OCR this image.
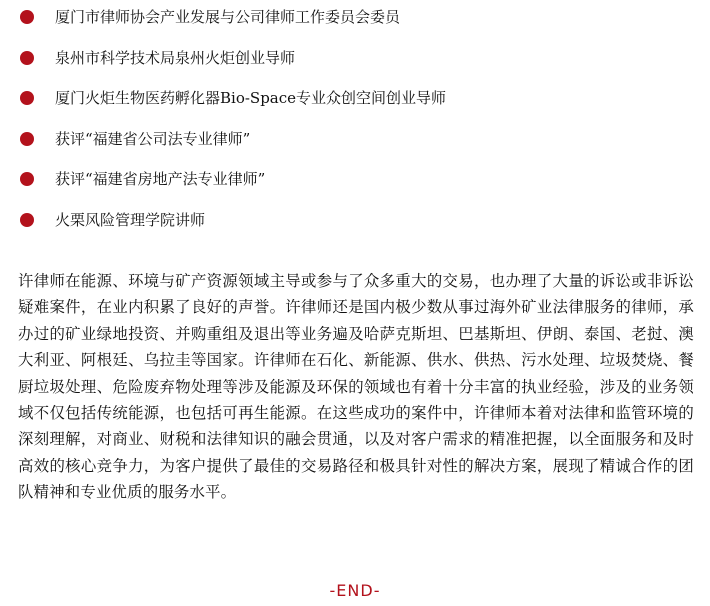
厦门市律师协会产业发展与公司律师工作委员会委员
泉州市科学技术局泉州火炬创业导师
厦门火炬生物医药孵化器Bio-Space专业众创空间创业导师
获评“福建省公司法专业律师”
获评“福建省房地产法专业律师”
火栗风险管理学院讲师

许律师在能源、环境与矿产资源领域主导或参与了众多重大的交易，也办理了大量的诉讼或非诉讼疑难案件，在业内积累了良好的声誉。许律师还是国内极少数从事过海外矿业法律服务的律师，承办过的矿业绿地投资、并购重组及退出等业务遍及哈萨克斯坦、巴基斯坦、伊朗、泰国、老挝、澳大利亚、阿根廷、乌拉圭等国家。许律师在石化、新能源、供水、供热、污水处理、垃圾焚烧、餐厨垃圾处理、危险废弃物处理等涉及能源及环保的领域也有着十分丰富的执业经验，涉及的业务领域不仅包括传统能源，也包括可再生能源。在这些成功的案件中，许律师本着对法律和监管环境的深刻理解，对商业、财税和法律知识的融会贯通，以及对客户需求的精准把握，以全面服务和及时高效的核心竞争力，为客户提供了最佳的交易路径和极具针对性的解决方案，展现了精诚合作的团队精神和专业优质的服务水平。

-END-
